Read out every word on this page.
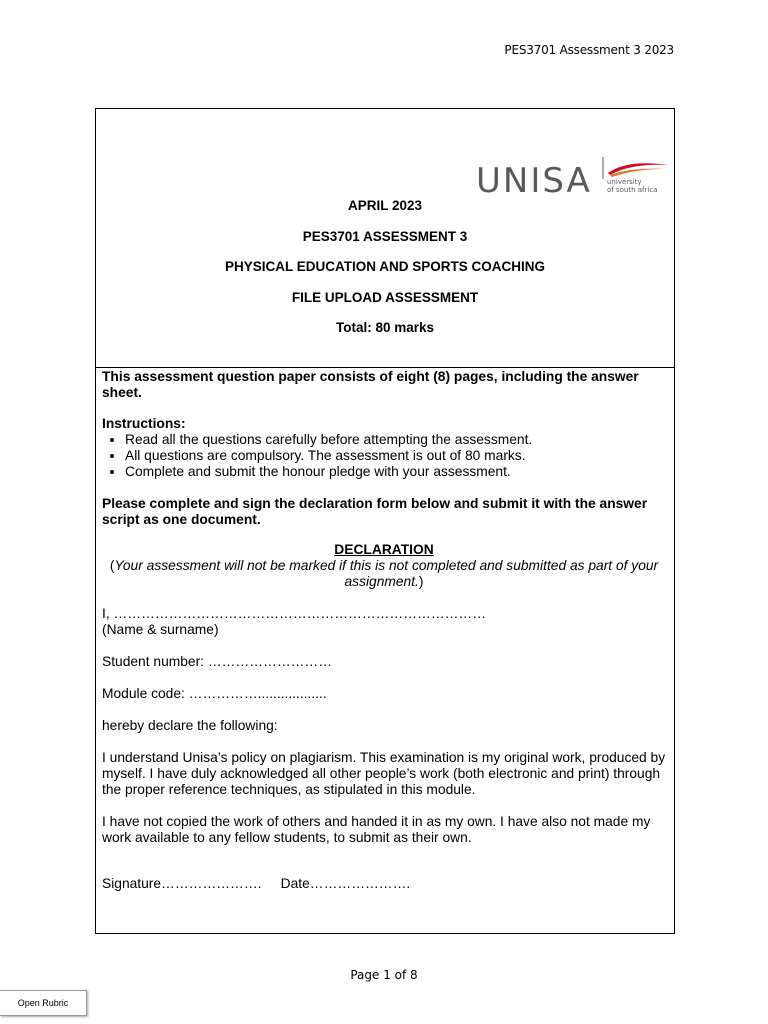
PES3701 Assessment 3 2023
UNISA university
of south africa
APRIL 2023
PES3701 ASSESSMENT 3
PHYSICAL EDUCATION AND SPORTS COACHING
FILE UPLOAD ASSESSMENT
Total: 80 marks
This assessment question paper consists of eight (8) pages, including the answer sheet.
Instructions:
• Read all the questions carefully before attempting the assessment.
• All questions are compulsory. The assessment is out of 80 marks.
• Complete and submit the honour pledge with your assessment.
Please complete and sign the declaration form below and submit it with the answer script as one document.
DECLARATION
(Your assessment will not be marked if this is not completed and submitted as part of your assignment.)
I, ………………………………………………………………………
(Name & surname)
Student number: ………………………
Module code: ……………..................
hereby declare the following:
I understand Unisa’s policy on plagiarism. This examination is my original work, produced by myself. I have duly acknowledged all other people’s work (both electronic and print) through the proper reference techniques, as stipulated in this module.
I have not copied the work of others and handed it in as my own. I have also not made my work available to any fellow students, to submit as their own.
Signature…………………. Date………………….
Page 1 of 8
Open Rubric
